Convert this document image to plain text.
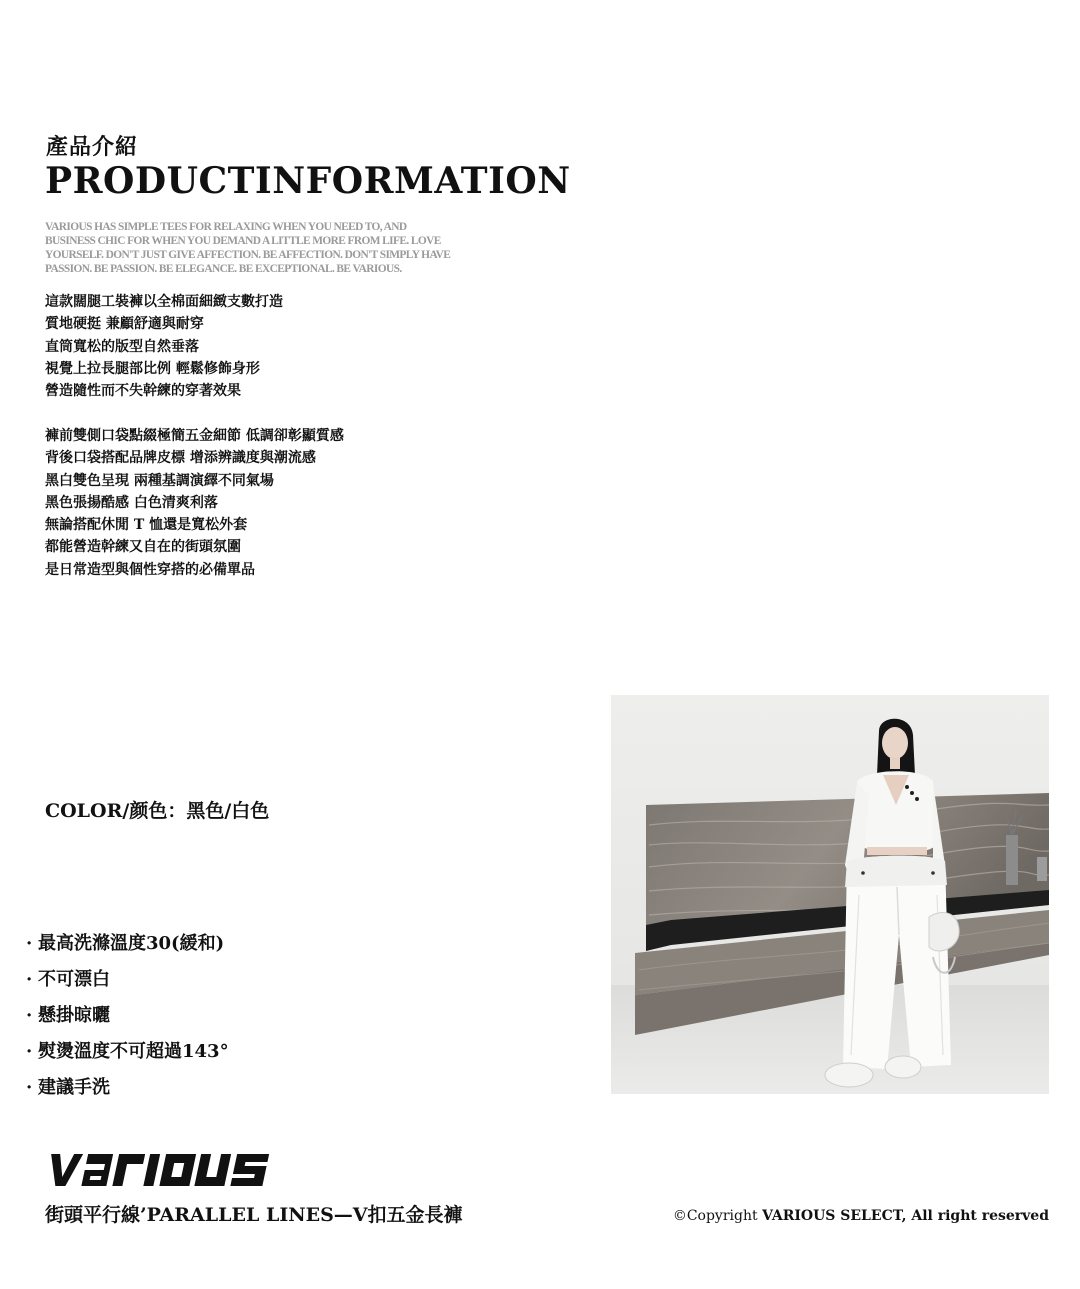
產品介紹
PRODUCTINFORMATION
VARIOUS HAS SIMPLE TEES FOR RELAXING WHEN YOU NEED TO, AND
BUSINESS CHIC FOR WHEN YOU DEMAND A LITTLE MORE FROM LIFE. LOVE
YOURSELF. DON'T JUST GIVE AFFECTION. BE AFFECTION. DON'T SIMPLY HAVE
PASSION. BE PASSION. BE ELEGANCE. BE EXCEPTIONAL. BE VARIOUS.
這款闊腿工裝褲以全棉面細緻支數打造
質地硬挺 兼顧舒適與耐穿
直筒寬松的版型自然垂落
視覺上拉長腿部比例 輕鬆修飾身形
營造隨性而不失幹練的穿著效果
褲前雙側口袋點綴極簡五金細節 低調卻彰顯質感
背後口袋搭配品牌皮標 增添辨識度與潮流感
黑白雙色呈現 兩種基調演繹不同氣場
黑色張揚酷感 白色清爽利落
無論搭配休閒 T 恤還是寬松外套
都能營造幹練又自在的街頭氛圍
是日常造型與個性穿搭的必備單品
COLOR/颜色：黑色/白色
· 最高洗滌溫度30(緩和)
· 不可漂白
· 懸掛晾曬
· 熨燙溫度不可超過143°
· 建議手洗
街頭平行線’PARALLEL LINES—V扣五金長褲	©Copyright VARIOUS SELECT, All right reserved
